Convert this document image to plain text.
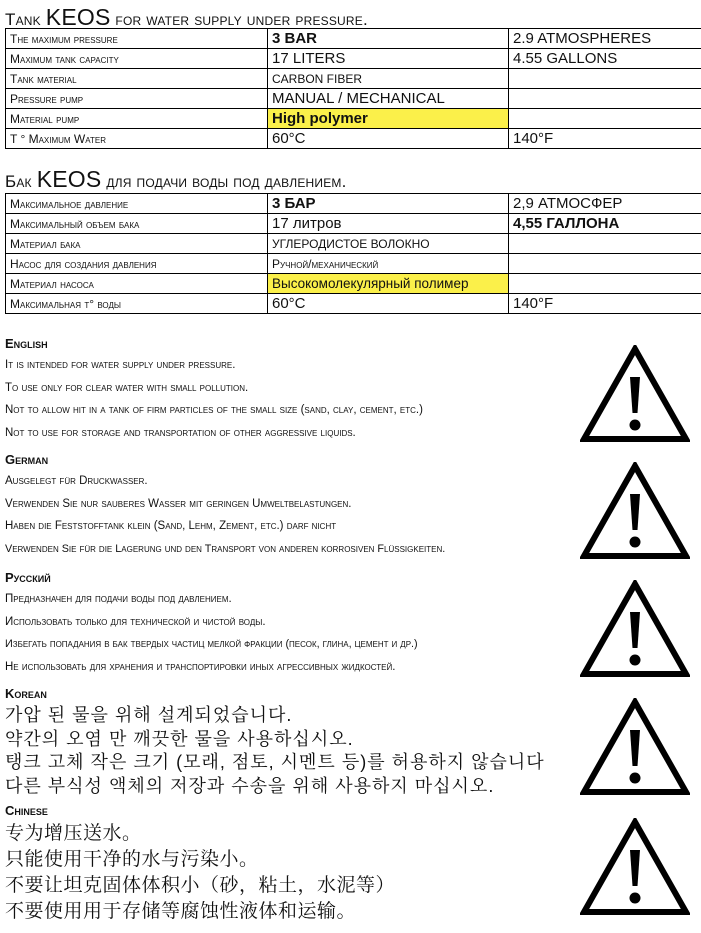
Tank KEOS for water supply under pressure.
The maximum pressure	3 BAR	2.9 ATMOSPHERES
Maximum tank capacity	17 LITERS	4.55 GALLONS
Tank material	CARBON FIBER	
Pressure pump	MANUAL / MECHANICAL	
Material pump	High polymer	
T ° Maximum Water	60°C	140°F
Бак KEOS для подачи воды под давлением.
Максимальное давление	3 БАР	2,9 АТМОСФЕР
Максимальный объем бака	17 литров	4,55 ГАЛЛОНА
Материал бака	УГЛЕРОДИСТОЕ ВОЛОКНО	
Насос для создания давления	Ручной/механический	
Материал насоса	Высокомолекулярный полимер	
Максимальная т° воды	60°C	140°F
English
It is intended for water supply under pressure.
To use only for clear water with small pollution.
Not to allow hit in a tank of firm particles of the small size (sand, clay, cement, etc.)
Not to use for storage and transportation of other aggressive liquids.
German
Ausgelegt für Druckwasser.
Verwenden Sie nur sauberes Wasser mit geringen Umweltbelastungen.
Haben die Feststofftank klein (Sand, Lehm, Zement, etc.) darf nicht
Verwenden Sie für die Lagerung und den Transport von anderen korrosiven Flüssigkeiten.
Русский
Предназначен для подачи воды под давлением.
Использовать только для технической и чистой воды.
Избегать попадания в бак твердых частиц мелкой фракции (песок, глина, цемент и др.)
Не использовать для хранения и транспортировки иных агрессивных жидкостей.
Korean
가압 된 물을 위해 설계되었습니다.
약간의 오염 만 깨끗한 물을 사용하십시오.
탱크 고체 작은 크기 (모래, 점토, 시멘트 등)를 허용하지 않습니다
다른 부식성 액체의 저장과 수송을 위해 사용하지 마십시오.
Chinese
专为增压送水。
只能使用干净的水与污染小。
不要让坦克固体体积小（砂，粘土，水泥等）
不要使用用于存储等腐蚀性液体和运输。
